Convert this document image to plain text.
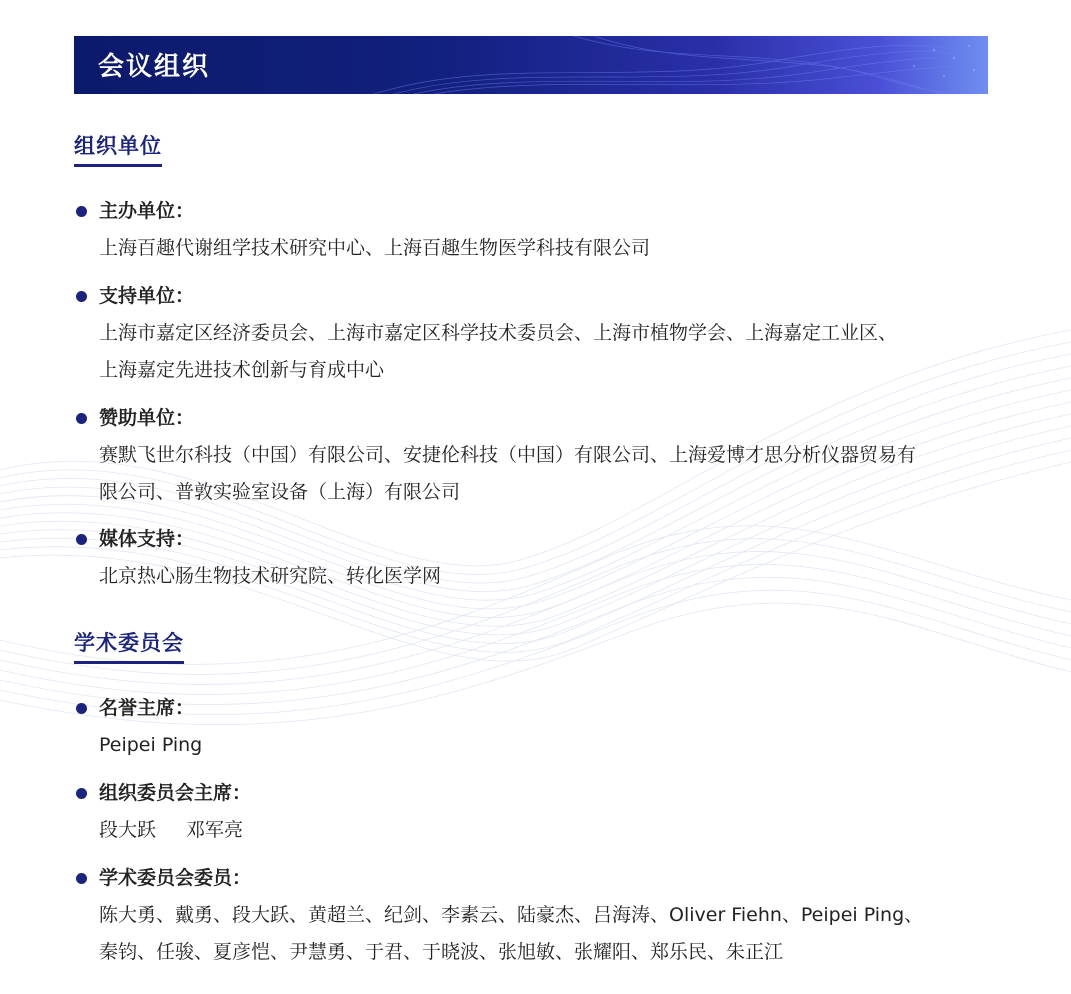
会议组织
组织单位
主办单位：
上海百趣代谢组学技术研究中心、上海百趣生物医学科技有限公司
支持单位：
上海市嘉定区经济委员会、上海市嘉定区科学技术委员会、上海市植物学会、上海嘉定工业区、
上海嘉定先进技术创新与育成中心
赞助单位：
赛默飞世尔科技（中国）有限公司、安捷伦科技（中国）有限公司、上海爱博才思分析仪器贸易有
限公司、普敦实验室设备（上海）有限公司
媒体支持：
北京热心肠生物技术研究院、转化医学网
学术委员会
名誉主席：
Peipei Ping
组织委员会主席：
段大跃 邓军亮
学术委员会委员：
陈大勇、戴勇、段大跃、黄超兰、纪剑、李素云、陆豪杰、吕海涛、Oliver Fiehn、Peipei Ping、
秦钧、任骏、夏彦恺、尹慧勇、于君、于晓波、张旭敏、张耀阳、郑乐民、朱正江
